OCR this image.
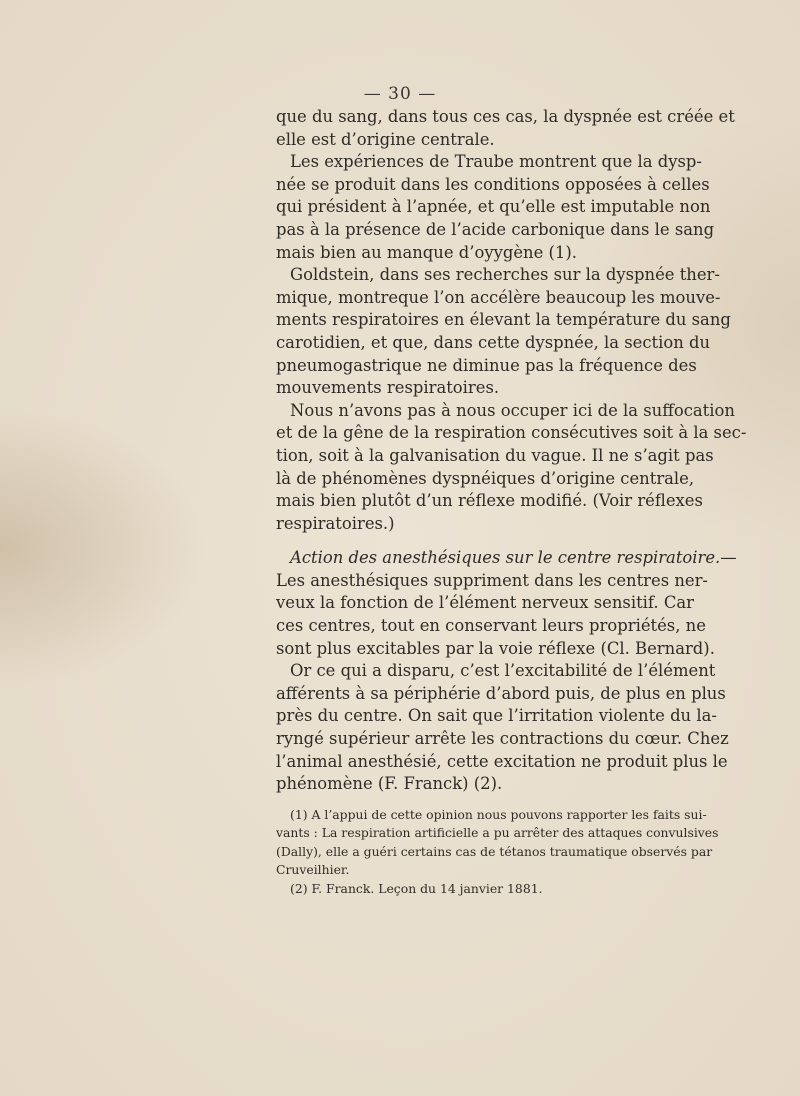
— 30 —
que du sang, dans tous ces cas, la dyspnée est créée et
elle est d’origine centrale.
Les expériences de Traube montrent que la dysp-
née se produit dans les conditions opposées à celles
qui président à l’apnée, et qu’elle est imputable non
pas à la présence de l’acide carbonique dans le sang
mais bien au manque d’oyygène (1).
Goldstein, dans ses recherches sur la dyspnée ther-
mique, montreque l’on accélère beaucoup les mouve-
ments respiratoires en élevant la température du sang
carotidien, et que, dans cette dyspnée, la section du
pneumogastrique ne diminue pas la fréquence des
mouvements respiratoires.
Nous n’avons pas à nous occuper ici de la suffocation
et de la gêne de la respiration consécutives soit à la sec-
tion, soit à la galvanisation du vague. Il ne s’agit pas
là de phénomènes dyspnéiques d’origine centrale,
mais bien plutôt d’un réflexe modifié. (Voir réflexes
respiratoires.)
Action des anesthésiques sur le centre respiratoire.—
Les anesthésiques suppriment dans les centres ner-
veux la fonction de l’élément nerveux sensitif. Car
ces centres, tout en conservant leurs propriétés, ne
sont plus excitables par la voie réflexe (Cl. Bernard).
Or ce qui a disparu, c’est l’excitabilité de l’élément
afférents à sa périphérie d’abord puis, de plus en plus
près du centre. On sait que l’irritation violente du la-
ryngé supérieur arrête les contractions du cœur. Chez
l’animal anesthésié, cette excitation ne produit plus le
phénomène (F. Franck) (2).
(1) A l’appui de cette opinion nous pouvons rapporter les faits sui-
vants : La respiration artificielle a pu arrêter des attaques convulsives
(Dally), elle a guéri certains cas de tétanos traumatique observés par
Cruveilhier.
(2) F. Franck. Leçon du 14 janvier 1881.
